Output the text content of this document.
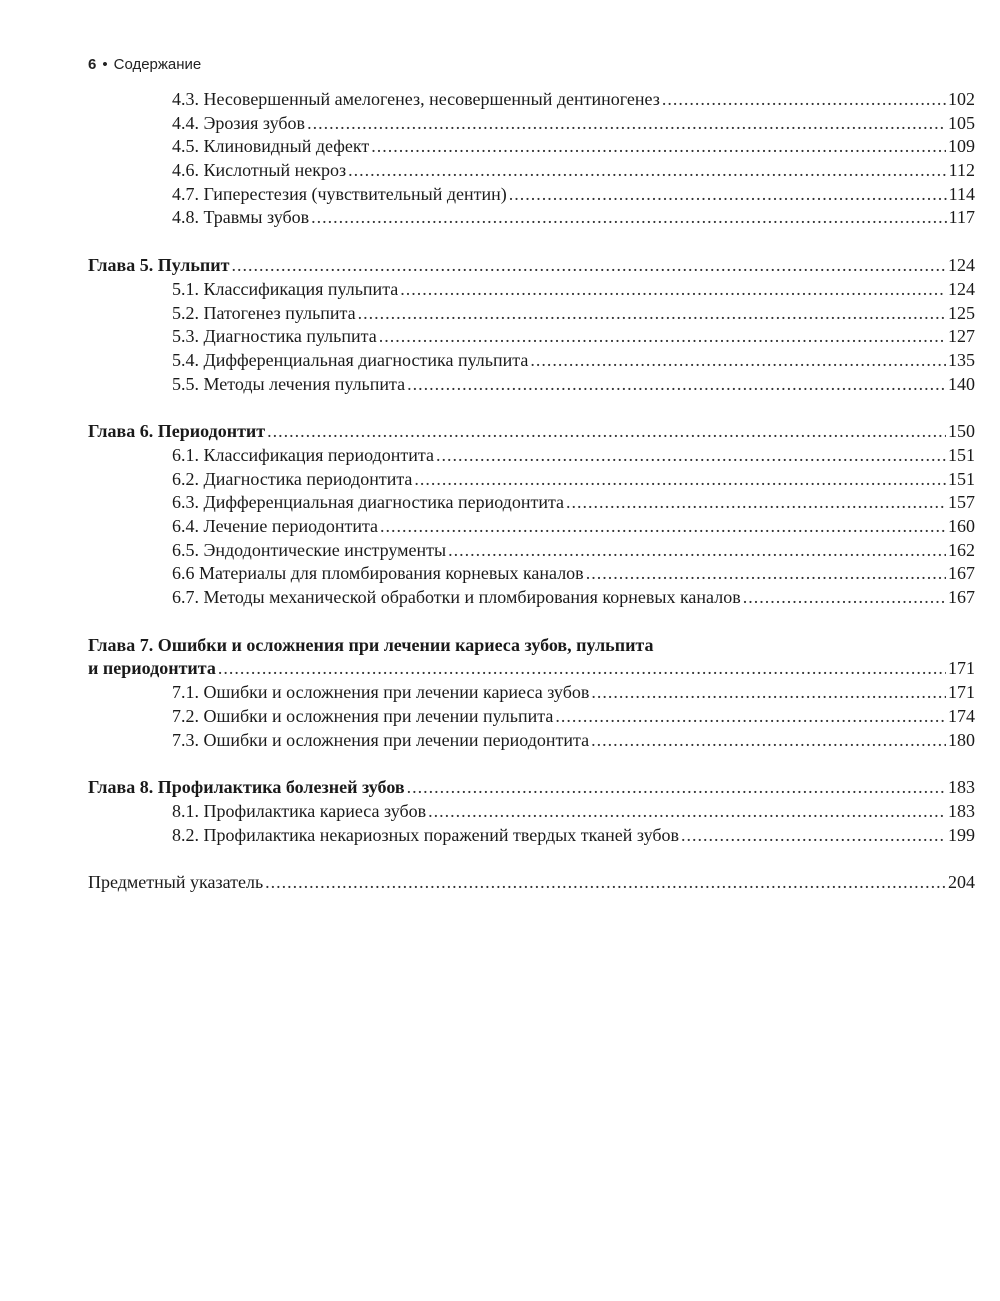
6 • Содержание
4.3. Несовершенный амелогенез, несовершенный дентиногенез .....	102
4.4. Эрозия зубов .....	105
4.5. Клиновидный дефект .....	109
4.6. Кислотный некроз .....	112
4.7. Гиперестезия (чувствительный дентин) .....	114
4.8. Травмы зубов .....	117
Глава 5. Пульпит .....	124
5.1. Классификация пульпита .....	124
5.2. Патогенез пульпита .....	125
5.3. Диагностика пульпита .....	127
5.4. Дифференциальная диагностика пульпита .....	135
5.5. Методы лечения пульпита .....	140
Глава 6. Периодонтит .....	150
6.1. Классификация периодонтита .....	151
6.2. Диагностика периодонтита .....	151
6.3. Дифференциальная диагностика периодонтита .....	157
6.4. Лечение периодонтита .....	160
6.5. Эндодонтические инструменты .....	162
6.6 Материалы для пломбирования корневых каналов .....	167
6.7. Методы механической обработки и пломбирования корневых каналов .....	167
Глава 7. Ошибки и осложнения при лечении кариеса зубов, пульпита
и периодонтита .....	171
7.1. Ошибки и осложнения при лечении кариеса зубов .....	171
7.2. Ошибки и осложнения при лечении пульпита .....	174
7.3. Ошибки и осложнения при лечении периодонтита .....	180
Глава 8. Профилактика болезней зубов .....	183
8.1. Профилактика кариеса зубов .....	183
8.2. Профилактика некариозных поражений твердых тканей зубов .....	199
Предметный указатель .....	204
